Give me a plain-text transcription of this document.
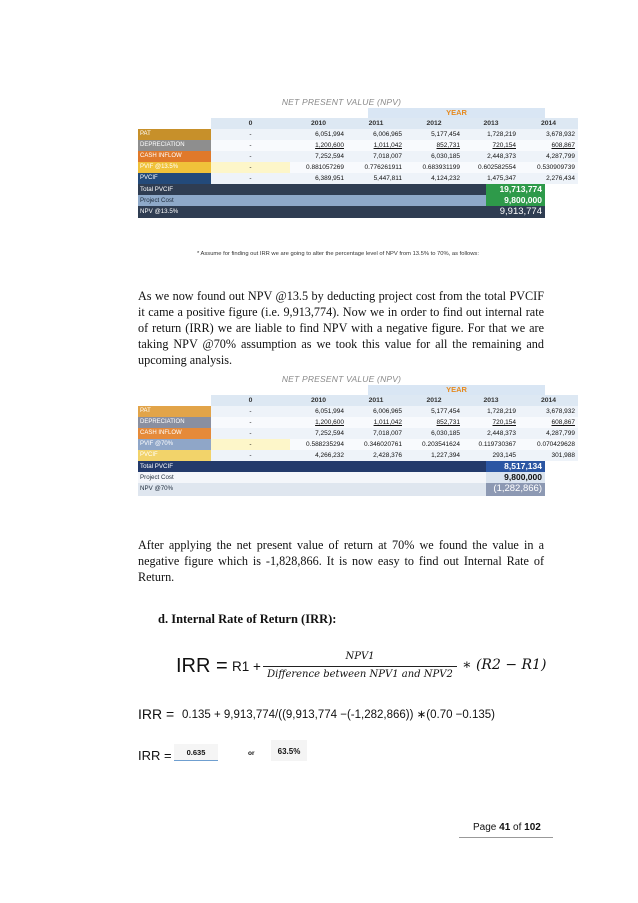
NET PRESENT VALUE (NPV)
YEAR
0	2010	2011	2012	2013	2014
PAT	-	6,051,994	6,006,965	5,177,454	1,728,219	3,678,932
DEPRECIATION	-	1,200,600	1,011,042	852,731	720,154	608,867
CASH INFLOW	-	7,252,594	7,018,007	6,030,185	2,448,373	4,287,799
PVIF @13.5%	-	0.881057269	0.776261911	0.683931199	0.602582554	0.530909739
PVCIF	-	6,389,951	5,447,811	4,124,232	1,475,347	2,276,434
Total PVCIF	19,713,774
Project Cost	9,800,000
NPV @13.5%	9,913,774
* Assume for finding out IRR we are going to alter the percentage level of NPV from 13.5% to 70%, as follows:
As we now found out NPV @13.5 by deducting project cost from the total PVCIF it came a positive figure (i.e. 9,913,774). Now we in order to find out internal rate of return (IRR) we are liable to find NPV with a negative figure. For that we are taking NPV @70% assumption as we took this value for all the remaining and upcoming analysis.
NET PRESENT VALUE (NPV)
YEAR
0	2010	2011	2012	2013	2014
PAT	-	6,051,994	6,006,965	5,177,454	1,728,219	3,678,932
DEPRECIATION	-	1,200,600	1,011,042	852,731	720,154	608,867
CASH INFLOW	-	7,252,594	7,018,007	6,030,185	2,448,373	4,287,799
PVIF @70%	-	0.588235294	0.346020761	0.203541624	0.119730367	0.070429628
PVCIF	-	4,266,232	2,428,376	1,227,394	293,145	301,988
Total PVCIF	8,517,134
Project Cost	9,800,000
NPV @70%	(1,282,866)
After applying the net present value of return at 70% we found the value in a negative figure which is -1,828,866. It is now easy to find out Internal Rate of Return.
d. Internal Rate of Return (IRR):
IRR = R1 +
NPV1
Difference between NPV1 and NPV2
∗ (R2 − R1)
IRR = 0.135 + 9,913,774/((9,913,774 −(-1,282,866)) ∗(0.70 −0.135)
IRR =	0.635	or	63.5%
Page 41 of 102
